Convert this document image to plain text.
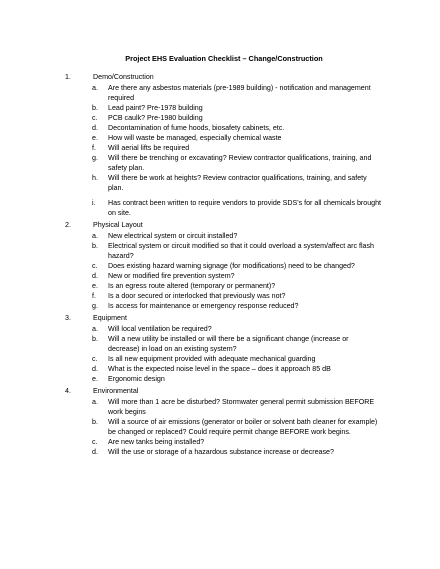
Project EHS Evaluation Checklist – Change/Construction
1.	Demo/Construction
a.	Are there any asbestos materials (pre-1989 building) - notification and management required
b.	Lead paint? Pre-1978 building
c.	PCB caulk? Pre-1980 building
d.	Decontamination of fume hoods, biosafety cabinets, etc.
e.	How will waste be managed, especially chemical waste
f.	Will aerial lifts be required
g.	Will there be trenching or excavating? Review contractor qualifications, training, and safety plan.
h.	Will there be work at heights? Review contractor qualifications, training, and safety plan.
i.	Has contract been written to require vendors to provide SDS's for all chemicals brought on site.
2.	Physical Layout
a.	New electrical system or circuit installed?
b.	Electrical system or circuit modified so that it could overload a system/affect arc flash hazard?
c.	Does existing hazard warning signage (for modifications) need to be changed?
d.	New or modified fire prevention system?
e.	Is an egress route altered (temporary or permanent)?
f.	Is a door secured or interlocked that previously was not?
g.	Is access for maintenance or emergency response reduced?
3.	Equipment
a.	Will local ventilation be required?
b.	Will a new utility be installed or will there be a significant change (increase or decrease) in load on an existing system?
c.	Is all new equipment provided with adequate mechanical guarding
d.	What is the expected noise level in the space – does it approach 85 dB
e.	Ergonomic design
4.	Environmental
a.	Will more than 1 acre be disturbed? Stormwater general permit submission BEFORE work begins
b.	Will a source of air emissions (generator or boiler or solvent bath cleaner for example) be changed or replaced? Could require permit change BEFORE work begins.
c.	Are new tanks being installed?
d.	Will the use or storage of a hazardous substance increase or decrease?
